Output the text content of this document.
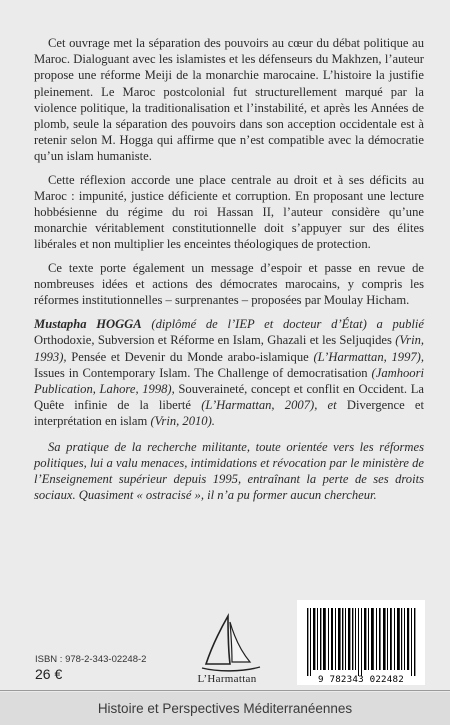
Cet ouvrage met la séparation des pouvoirs au cœur du débat politique au Maroc. Dialoguant avec les islamistes et les défenseurs du Makhzen, l’auteur propose une réforme Meiji de la monarchie marocaine. L’histoire la justifie pleinement. Le Maroc postcolonial fut structurellement marqué par la violence politique, la traditionalisation et l’instabilité, et après les Années de plomb, seule la séparation des pouvoirs dans son acception occidentale est à retenir selon M. Hogga qui affirme que n’est compatible avec la démocratie qu’un islam humaniste.

Cette réflexion accorde une place centrale au droit et à ses déficits au Maroc : impunité, justice déficiente et corruption. En proposant une lecture hobbésienne du régime du roi Hassan II, l’auteur considère qu’une monarchie véritablement constitutionnelle doit s’appuyer sur des élites libérales et non multiplier les enceintes théologiques de protection.

Ce texte porte également un message d’espoir et passe en revue de nombreuses idées et actions des démocrates marocains, y compris les réformes institutionnelles – surprenantes – proposées par Moulay Hicham.

Mustapha HOGGA (diplômé de l’IEP et docteur d’État) a publié Orthodoxie, Subversion et Réforme en Islam, Ghazali et les Seljuqides (Vrin, 1993), Pensée et Devenir du Monde arabo-islamique (L’Harmattan, 1997), Issues in Contemporary Islam. The Challenge of democratisation (Jamhoori Publication, Lahore, 1998), Souveraineté, concept et conflit en Occident. La Quête infinie de la liberté (L’Harmattan, 2007), et Divergence et interprétation en islam (Vrin, 2010).

Sa pratique de la recherche militante, toute orientée vers les réformes politiques, lui a valu menaces, intimidations et révocation par le ministère de l’Enseignement supérieur depuis 1995, entraînant la perte de ses droits sociaux. Quasiment « ostracisé », il n’a pu former aucun chercheur.

ISBN : 978-2-343-02248-2
26 €	L’Harmattan	9 782343 022482
Histoire et Perspectives Méditerranéennes
